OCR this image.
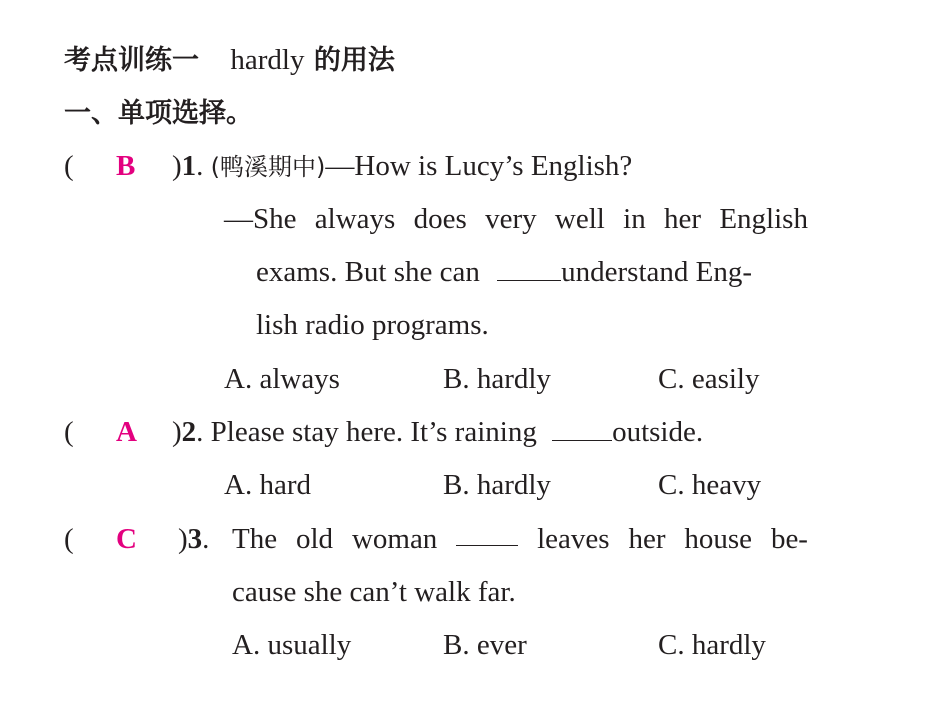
考点训练一 hardly 的用法
一、单项选择。
( B )1. (鸭溪期中)—How is Lucy’s English?
—She always does very well in her English
exams. But she can	understand Eng-
lish radio programs.
A. always	B. hardly	C. easily
( A )2. Please stay here. It’s raining	outside.
A. hard	B. hardly	C. heavy
( C )3. The old woman	leaves her house be-
cause she can’t walk far.
A. usually	B. ever	C. hardly
